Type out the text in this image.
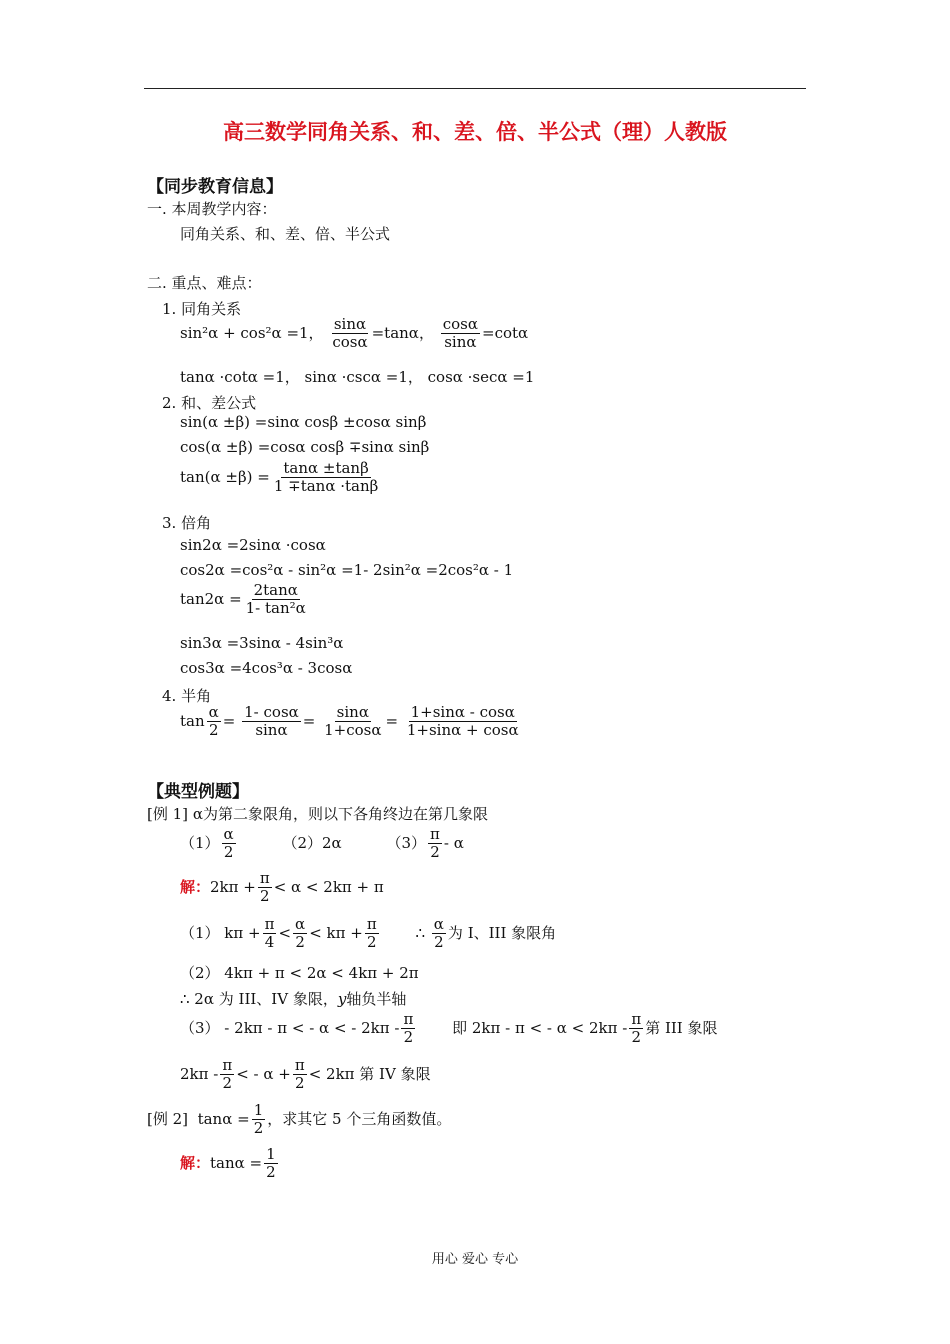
高三数学同角关系、和、差、倍、半公式（理）人教版
【同步教育信息】
一. 本周教学内容：
同角关系、和、差、倍、半公式
二. 重点、难点：
1. 同角关系
sin²α + cos²α =1， $\frac{\sin\alpha}{\cos\alpha} =\tan\alpha$， $\frac{\cos\alpha}{\sin\alpha} =\cot\alpha$
tanα ·cotα =1， sinα ·cscα =1， cosα ·secα =1
2. 和、差公式
sin(α ±β) =sinα cosβ ±cosα sinβ
cos(α ±β) =cosα cosβ ∓sinα sinβ
$\tan(\alpha \pm\beta) = \frac{\tan\alpha \pm\tan\beta}{1 \mp\tan\alpha \cdot\tan\beta}$
3. 倍角
sin2α =2sinα ·cosα
cos2α =cos²α - sin²α =1- 2sin²α =2cos²α - 1
$\tan 2\alpha = \frac{2\tan\alpha}{\text{1- tan²α}}$
sin3α =3sinα - 4sin³α
cos3α =4cos³α - 3cosα
4. 半角
$\tan \frac{\alpha}{2} = \frac{1- \cos\alpha}{\sin\alpha} = \frac{\sin\alpha}{1+\cos\alpha} = \frac{1+\sin\alpha - \cos\alpha}{1+\sin\alpha + \cos\alpha}$
【典型例题】
[例 1] α为第二象限角，则以下各角终边在第几象限
$(1) \frac{\alpha}{2}$	（2）2α	$(3) \frac{\pi}{2}$ - α
解：$2k\pi + \frac{\pi}{2} < \alpha < 2k\pi + \pi$
（1） $k\pi + \frac{\pi}{4} < \frac{\alpha}{2} < k\pi + \frac{\pi}{2}$ ∴ $\frac{\alpha}{2}$ 为 I、III 象限角
（2） 4kπ + π < 2α < 4kπ + 2π
∴ 2α 为 III、IV 象限，y轴负半轴
（3） - 2kπ - π < - α < - $2k\pi - \frac{\pi}{2}$ 即 2kπ - π < - $\alpha < 2k\pi - \frac{\pi}{2}$ 第 III 象限
$2k\pi - \frac{\pi}{2}$ < - $\alpha + \frac{\pi}{2} < 2k\pi$ 第 IV 象限
[例 2] $\tan\alpha = \frac{1}{2}$ ，求其它 5 个三角函数值。
解：$\tan\alpha = \frac{1}{2}$
用心 爱心 专心
